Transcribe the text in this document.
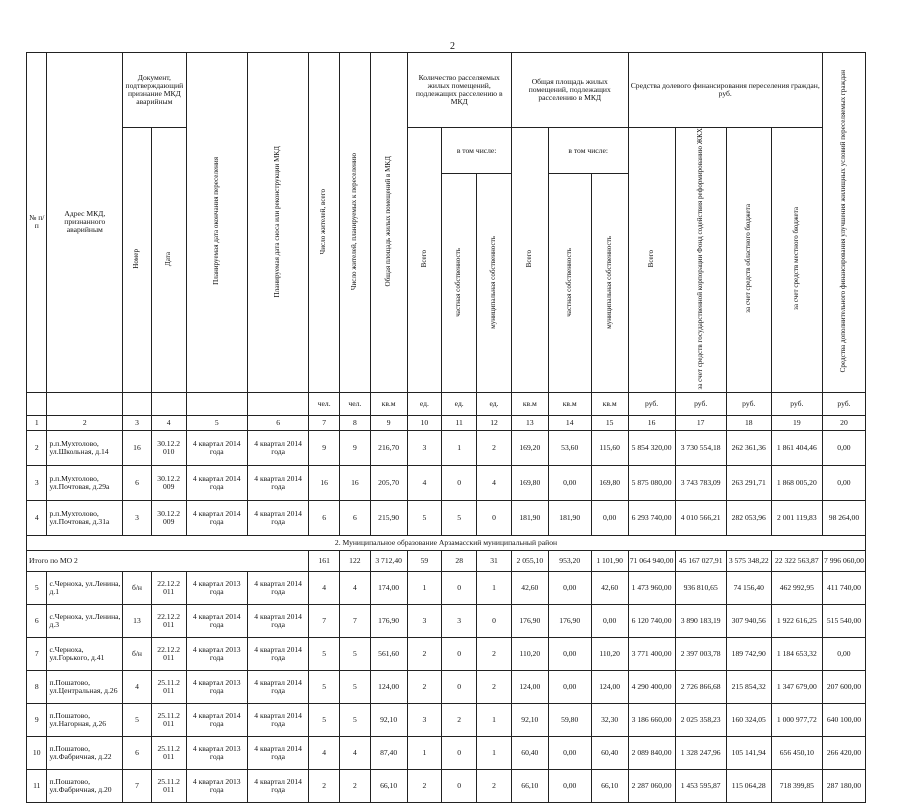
2
№ п/п	Адрес МКД, признанного аварийным	Документ, подтверждающий признание МКД аварийным		Планируемая дата окончания переселения	Планируемая дата сноса или реконструкции МКД	Число жителей, всего	Число жителей, планируемых к переселению	Общая площадь жилых помещений в МКД	Количество расселяемых жилых помещений, подлежащих расселению в МКД			Общая площадь жилых помещений, подлежащих расселению в МКД			Средства долевого финансирования переселения граждан, руб.				Средства дополнительного финансирования улучшения жилищных условий переселяемых граждан
		Номер	Дата						Всего	в том числе:		Всего	в том числе:		Всего	за счет средств государственной корпорации Фонд содействия реформированию ЖКХ	за счет средств областного бюджета	за счет средств местного бюджета	
										частная собственность	муниципальная собственность		частная собственность	муниципальная собственность					
						чел.	чел.	кв.м	ед.	ед.	ед.	кв.м	кв.м	кв.м	руб.	руб.	руб.	руб.	руб.
1	2	3	4	5	6	7	8	9	10	11	12	13	14	15	16	17	18	19	20
2	р.п.Мухтолово, ул.Школьная, д.14	16	30.12.2 010	4 квартал 2014 года	4 квартал 2014 года	9	9	216,70	3	1	2	169,20	53,60	115,60	5 854 320,00	3 730 554,18	262 361,36	1 861 404,46	0,00
3	р.п.Мухтолово, ул.Почтовая, д.29а	6	30.12.2 009	4 квартал 2014 года	4 квартал 2014 года	16	16	205,70	4	0	4	169,80	0,00	169,80	5 875 080,00	3 743 783,09	263 291,71	1 868 005,20	0,00
4	р.п.Мухтолово, ул.Почтовая, д.31а	3	30.12.2 009	4 квартал 2014 года	4 квартал 2014 года	6	6	215,90	5	5	0	181,90	181,90	0,00	6 293 740,00	4 010 566,21	282 053,96	2 001 119,83	98 264,00
2. Муниципальное образование Арзамасский муниципальный район																			
Итого по МО 2						161	122	3 712,40	59	28	31	2 055,10	953,20	1 101,90	71 064 940,00	45 167 027,91	3 575 348,22	22 322 563,87	7 996 060,00
5	с.Черноха, ул.Ленина, д.1	б/н	22.12.2 011	4 квартал 2013 года	4 квартал 2014 года	4	4	174,00	1	0	1	42,60	0,00	42,60	1 473 960,00	936 810,65	74 156,40	462 992,95	411 740,00
6	с.Черноха, ул.Ленина, д.3	13	22.12.2 011	4 квартал 2014 года	4 квартал 2014 года	7	7	176,90	3	3	0	176,90	176,90	0,00	6 120 740,00	3 890 183,19	307 940,56	1 922 616,25	515 540,00
7	с.Черноха, ул.Горького, д.41	б/н	22.12.2 011	4 квартал 2013 года	4 квартал 2014 года	5	5	561,60	2	0	2	110,20	0,00	110,20	3 771 400,00	2 397 003,78	189 742,90	1 184 653,32	0,00
8	п.Пошатово, ул.Центральная, д.26	4	25.11.2 011	4 квартал 2013 года	4 квартал 2014 года	5	5	124,00	2	0	2	124,00	0,00	124,00	4 290 400,00	2 726 866,68	215 854,32	1 347 679,00	207 600,00
9	п.Пошатово, ул.Нагорная, д.26	5	25.11.2 011	4 квартал 2014 года	4 квартал 2014 года	5	5	92,10	3	2	1	92,10	59,80	32,30	3 186 660,00	2 025 358,23	160 324,05	1 000 977,72	640 100,00
10	п.Пошатово, ул.Фабричная, д.22	6	25.11.2 011	4 квартал 2013 года	4 квартал 2014 года	4	4	87,40	1	0	1	60,40	0,00	60,40	2 089 840,00	1 328 247,96	105 141,94	656 450,10	266 420,00
11	п.Пошатово, ул.Фабричная, д.20	7	25.11.2 011	4 квартал 2013 года	4 квартал 2014 года	2	2	66,10	2	0	2	66,10	0,00	66,10	2 287 060,00	1 453 595,87	115 064,28	718 399,85	287 180,00
